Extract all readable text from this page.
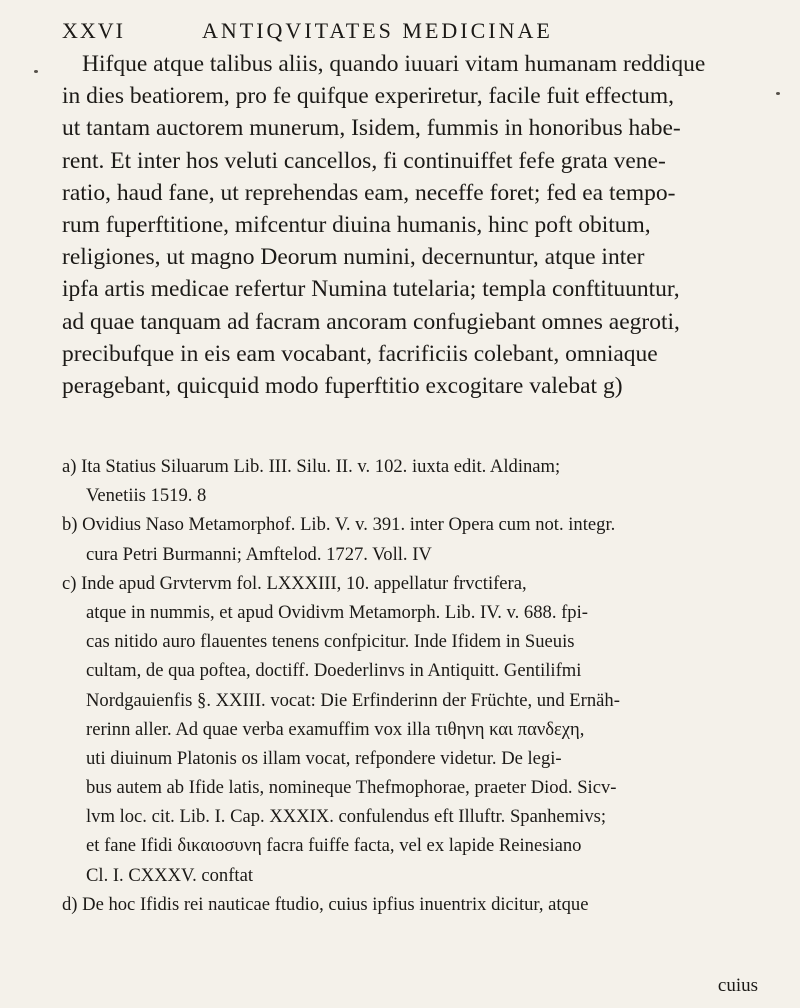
XXVI	ANTIQVITATES MEDICINAE
Hifque atque talibus aliis, quando iuuari vitam humanam reddique
in dies beatiorem, pro fe quifque experiretur, facile fuit effectum,
ut tantam auctorem munerum, Isidem, fummis in honoribus habe-
rent. Et inter hos veluti cancellos, fi continuiffet fefe grata vene-
ratio, haud fane, ut reprehendas eam, neceffe foret; fed ea tempo-
rum fuperftitione, mifcentur diuina humanis, hinc poft obitum,
religiones, ut magno Deorum numini, decernuntur, atque inter
ipfa artis medicae refertur Numina tutelaria; templa conftituuntur,
ad quae tanquam ad facram ancoram confugiebant omnes aegroti,
precibufque in eis eam vocabant, facrificiis colebant, omniaque
peragebant, quicquid modo fuperftitio excogitare valebat g)
a) Ita Statius Siluarum Lib. III. Silu. II. v. 102. iuxta edit. Aldinam;
Venetiis 1519. 8
b) Ovidius Naso Metamorphof. Lib. V. v. 391. inter Opera cum not. integr.
cura Petri Burmanni; Amftelod. 1727. Voll. IV
c) Inde apud Grvtervm fol. LXXXIII, 10. appellatur frvctifera,
atque in nummis, et apud Ovidivm Metamorph. Lib. IV. v. 688. fpi-
cas nitido auro flauentes tenens confpicitur. Inde Ifidem in Sueuis
cultam, de qua poftea, doctiff. Doederlinvs in Antiquitt. Gentilifmi
Nordgauienfis §. XXIII. vocat: Die Erfinderinn der Früchte, und Ernäh-
rerinn aller. Ad quae verba examuffim vox illa τιθηνη και πανδεχη,
uti diuinum Platonis os illam vocat, refpondere videtur. De legi-
bus autem ab Ifide latis, nomineque Thefmophorae, praeter Diod. Sicv-
lvm loc. cit. Lib. I. Cap. XXXIX. confulendus eft Illuftr. Spanhemivs;
et fane Ifidi δικαιοσυνη facra fuiffe facta, vel ex lapide Reinesiano
Cl. I. CXXXV. conftat
d) De hoc Ifidis rei nauticae ftudio, cuius ipfius inuentrix dicitur, atque
cuius
